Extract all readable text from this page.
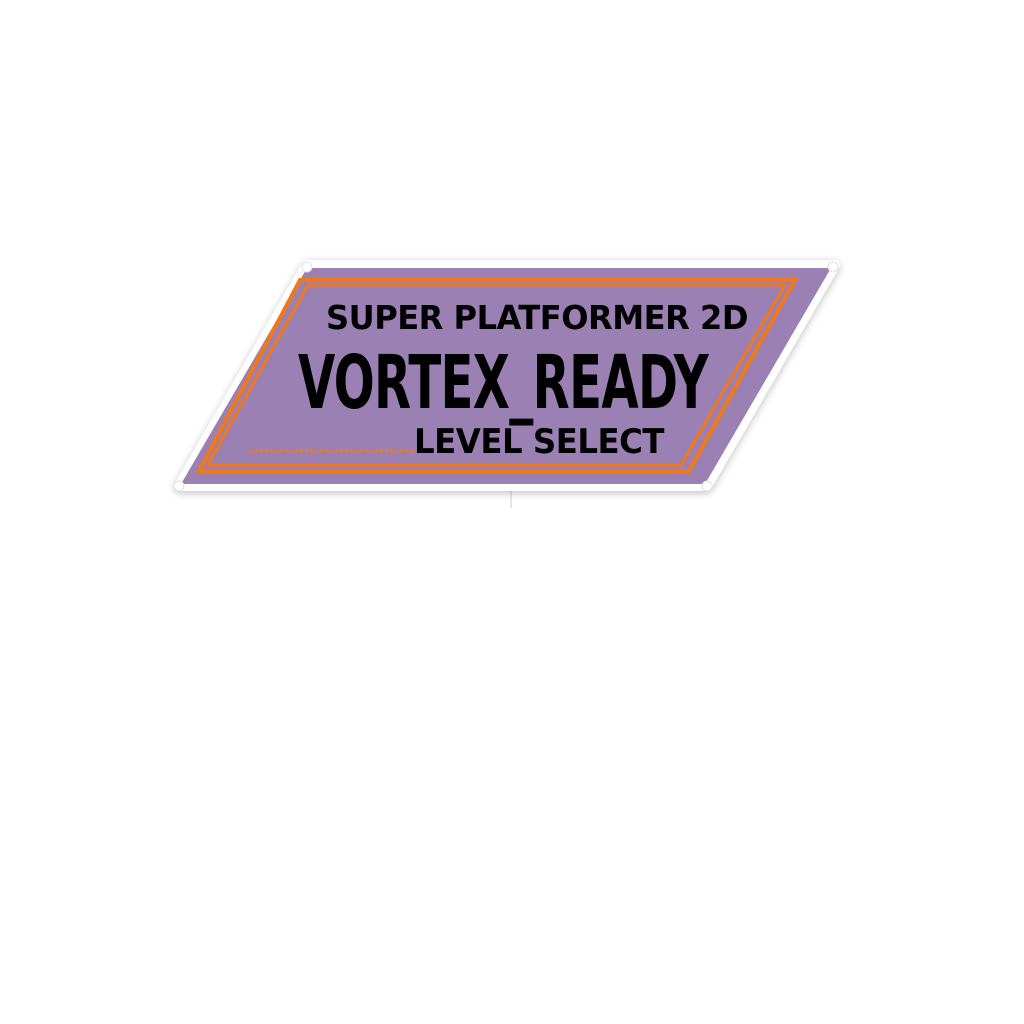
SUPER PLATFORMER 2D
VORTEX_READY
LEVEL SELECT
